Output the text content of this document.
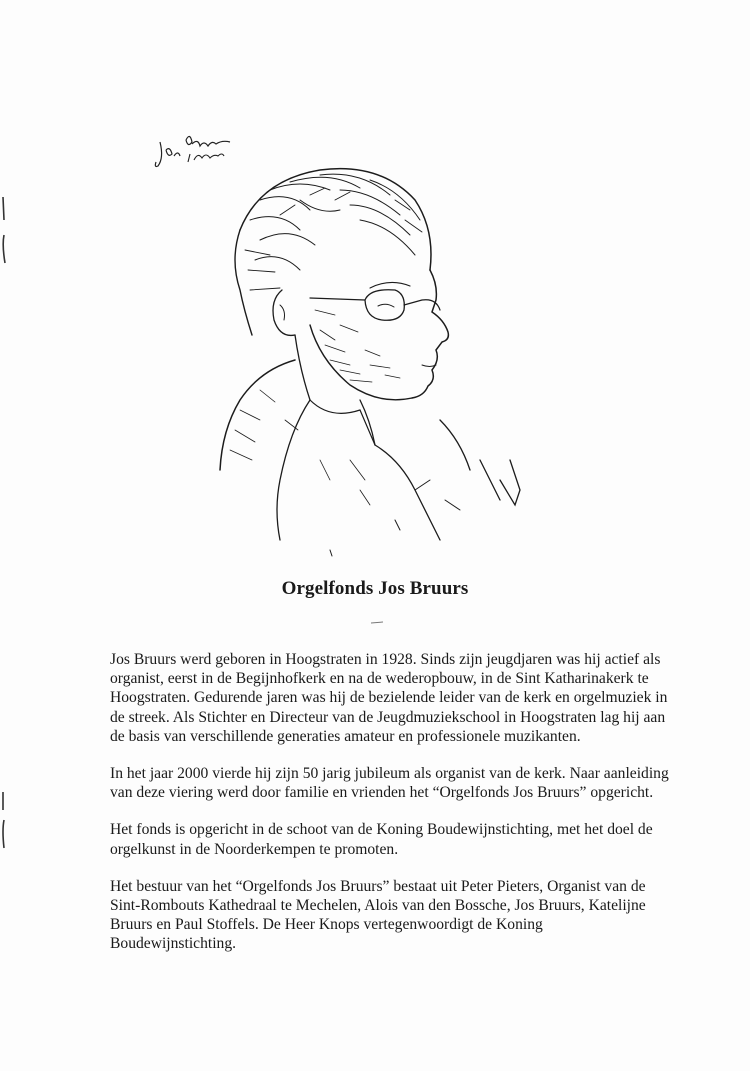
Orgelfonds Jos Bruurs

Jos Bruurs werd geboren in Hoogstraten in 1928. Sinds zijn jeugdjaren was hij actief als organist, eerst in de Begijnhofkerk en na de wederopbouw, in de Sint Katharinakerk te Hoogstraten. Gedurende jaren was hij de bezielende leider van de kerk en orgelmuziek in de streek. Als Stichter en Directeur van de Jeugdmuziekschool in Hoogstraten lag hij aan de basis van verschillende generaties amateur en professionele muzikanten.

In het jaar 2000 vierde hij zijn 50 jarig jubileum als organist van de kerk. Naar aanleiding van deze viering werd door familie en vrienden het “Orgelfonds Jos Bruurs” opgericht.

Het fonds is opgericht in de schoot van de Koning Boudewijnstichting, met het doel de orgelkunst in de Noorderkempen te promoten.

Het bestuur van het “Orgelfonds Jos Bruurs” bestaat uit Peter Pieters, Organist van de Sint-Rombouts Kathedraal te Mechelen, Alois van den Bossche, Jos Bruurs, Katelijne Bruurs en Paul Stoffels. De Heer Knops vertegenwoordigt de Koning Boudewijnstichting.
